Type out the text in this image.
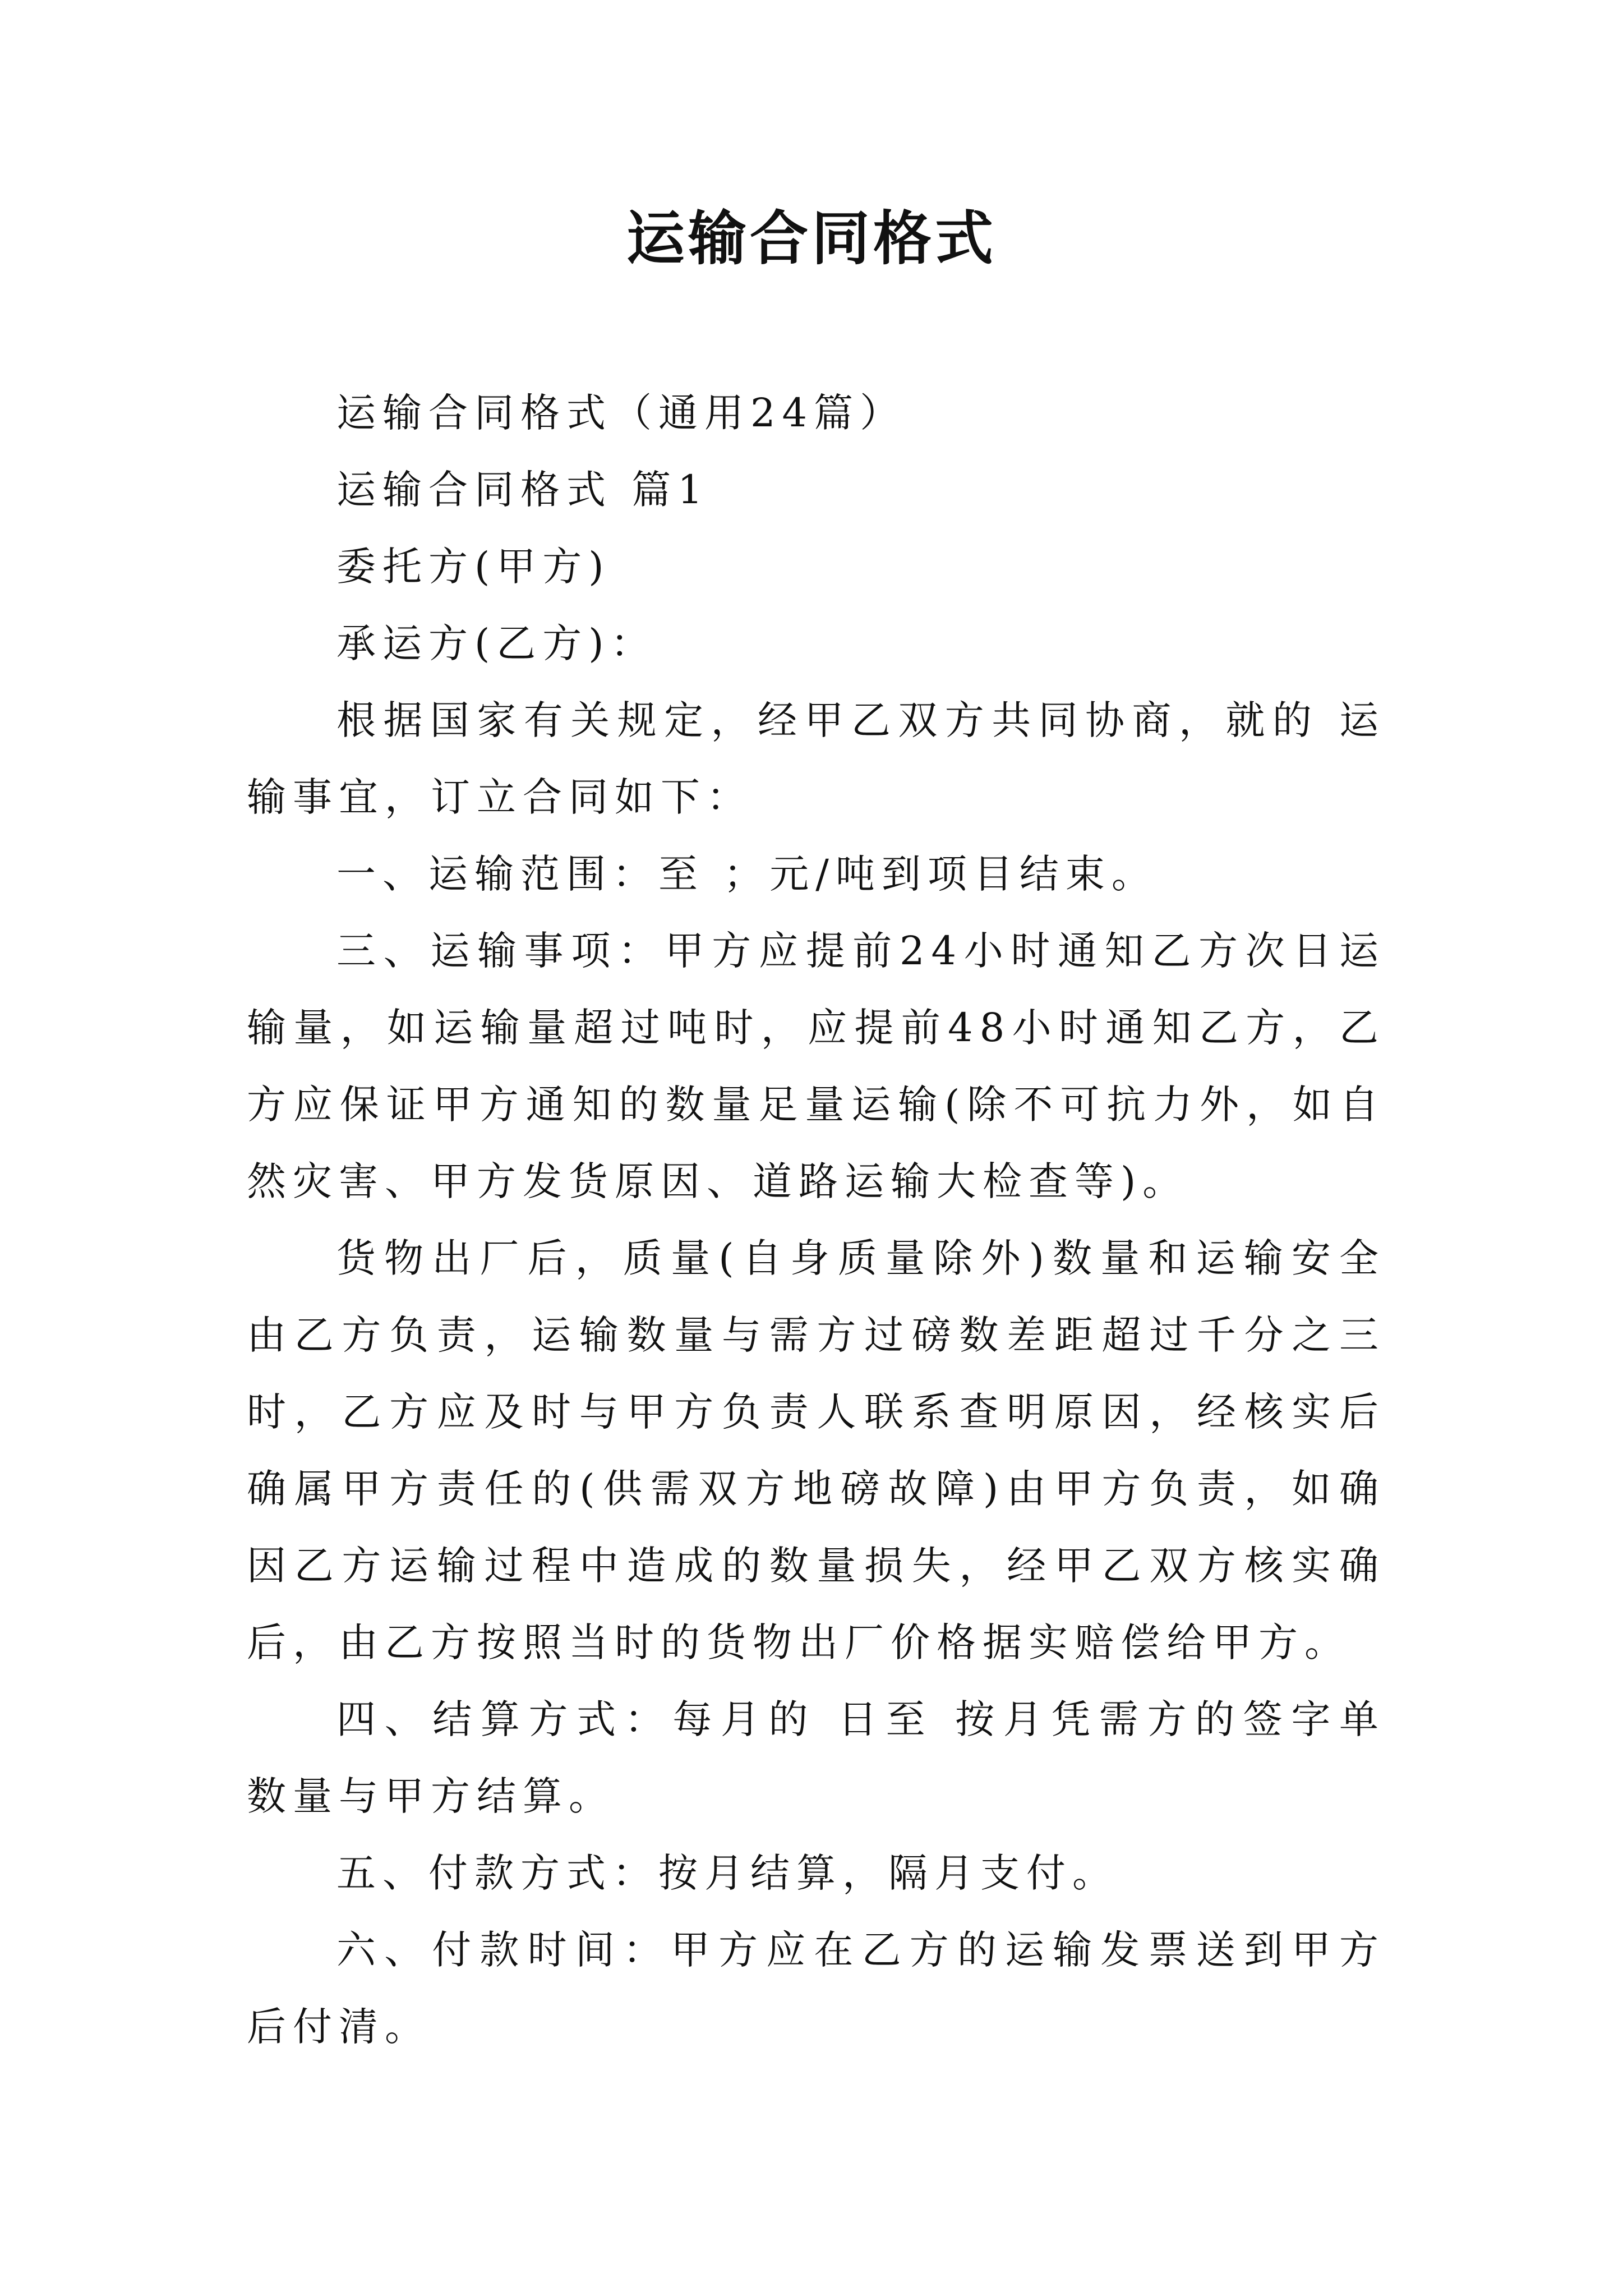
运输合同格式

运输合同格式（通用24篇）

运输合同格式 篇1

委托方(甲方)

承运方(乙方)：

根据国家有关规定，经甲乙双方共同协商，就的 运输事宜，订立合同如下：

一、运输范围：至 ；元/吨到项目结束。

三、运输事项：甲方应提前24小时通知乙方次日运输量，如运输量超过吨时，应提前48小时通知乙方，乙方应保证甲方通知的数量足量运输(除不可抗力外，如自然灾害、甲方发货原因、道路运输大检查等)。

货物出厂后，质量(自身质量除外)数量和运输安全由乙方负责，运输数量与需方过磅数差距超过千分之三时，乙方应及时与甲方负责人联系查明原因，经核实后确属甲方责任的(供需双方地磅故障)由甲方负责，如确因乙方运输过程中造成的数量损失，经甲乙双方核实确后，由乙方按照当时的货物出厂价格据实赔偿给甲方。

四、结算方式：每月的 日至 按月凭需方的签字单数量与甲方结算。

五、付款方式：按月结算，隔月支付。

六、付款时间：甲方应在乙方的运输发票送到甲方后付清。
